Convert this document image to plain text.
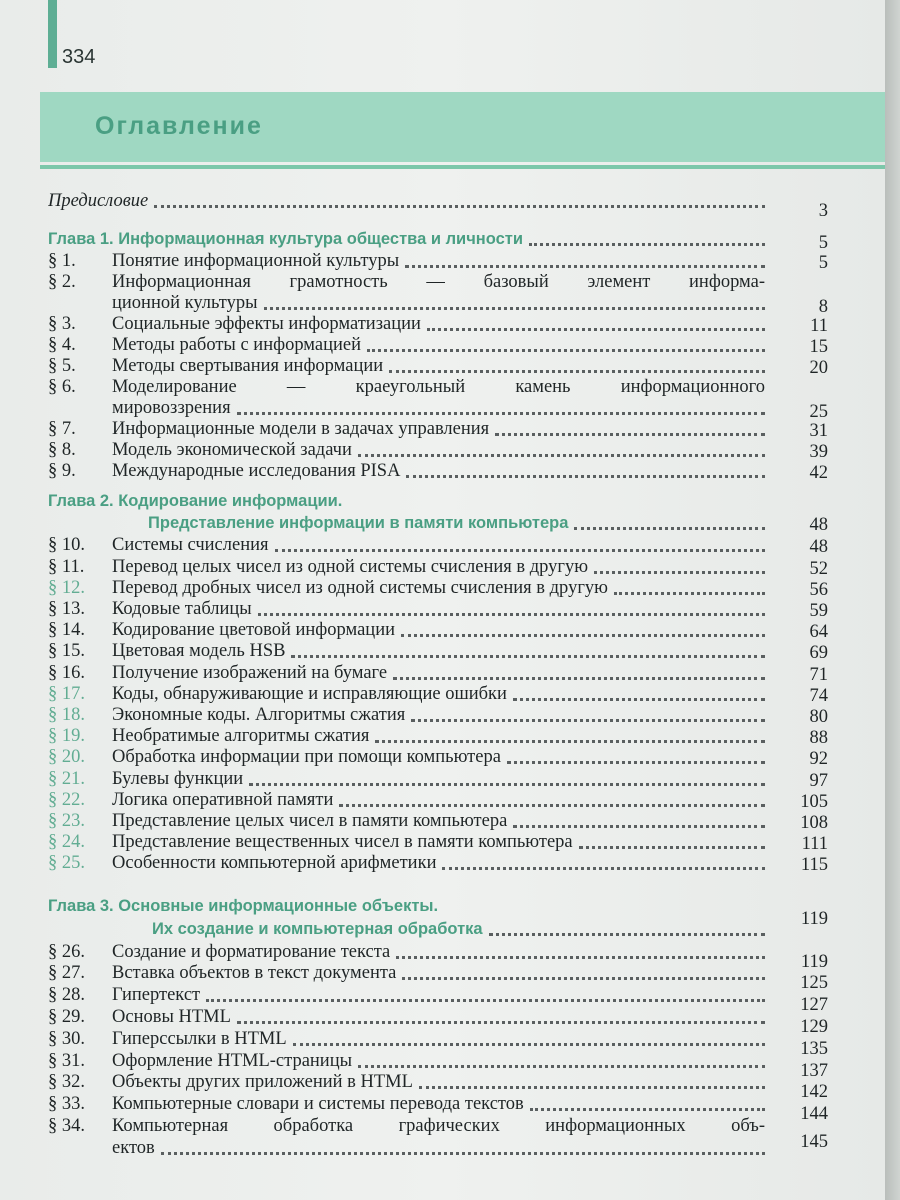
334
Оглавление
Предисловие	3
Глава 1. Информационная культура общества и личности	5
§ 1.	Понятие информационной культуры	5
§ 2.	Информационная грамотность — базовый элемент информа-
ционной культуры	8
§ 3.	Социальные эффекты информатизации	11
§ 4.	Методы работы с информацией	15
§ 5.	Методы свертывания информации	20
§ 6.	Моделирование — краеугольный камень информационного
мировоззрения	25
§ 7.	Информационные модели в задачах управления	31
§ 8.	Модель экономической задачи	39
§ 9.	Международные исследования PISA	42
Глава 2. Кодирование информации.
Представление информации в памяти компьютера	48
§ 10.	Системы счисления	48
§ 11.	Перевод целых чисел из одной системы счисления в другую	52
§ 12.	Перевод дробных чисел из одной системы счисления в другую	56
§ 13.	Кодовые таблицы	59
§ 14.	Кодирование цветовой информации	64
§ 15.	Цветовая модель HSB	69
§ 16.	Получение изображений на бумаге	71
§ 17.	Коды, обнаруживающие и исправляющие ошибки	74
§ 18.	Экономные коды. Алгоритмы сжатия	80
§ 19.	Необратимые алгоритмы сжатия	88
§ 20.	Обработка информации при помощи компьютера	92
§ 21.	Булевы функции	97
§ 22.	Логика оперативной памяти	105
§ 23.	Представление целых чисел в памяти компьютера	108
§ 24.	Представление вещественных чисел в памяти компьютера	111
§ 25.	Особенности компьютерной арифметики	115
Глава 3. Основные информационные объекты.
Их создание и компьютерная обработка	119
§ 26.	Создание и форматирование текста	119
§ 27.	Вставка объектов в текст документа	125
§ 28.	Гипертекст	127
§ 29.	Основы HTML	129
§ 30.	Гиперссылки в HTML	135
§ 31.	Оформление HTML-страницы	137
§ 32.	Объекты других приложений в HTML	142
§ 33.	Компьютерные словари и системы перевода текстов	144
§ 34.	Компьютерная обработка графических информационных объ-
ектов	145
